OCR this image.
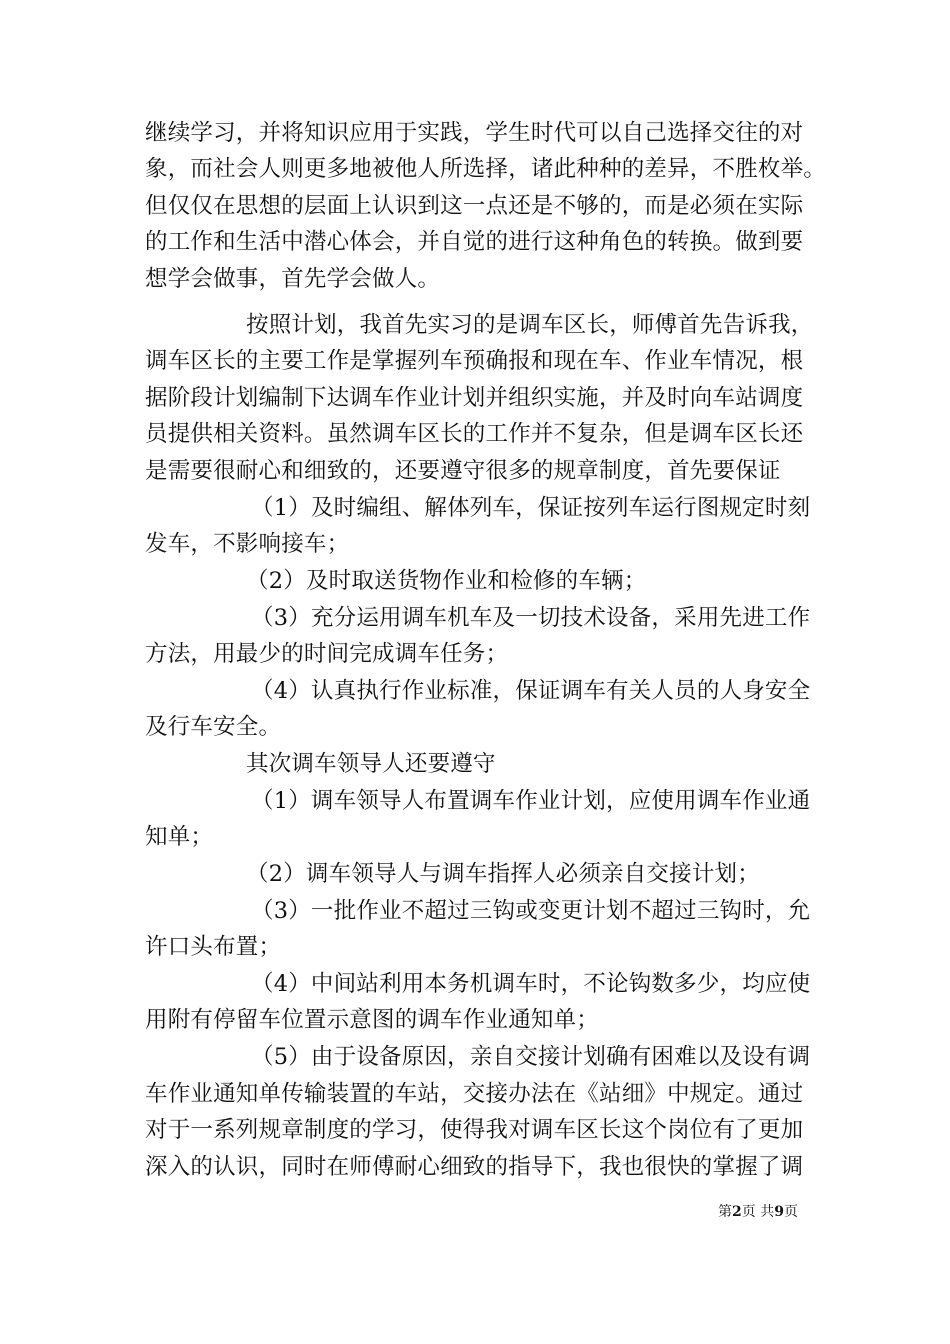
继续学习，并将知识应用于实践，学生时代可以自己选择交往的对
象，而社会人则更多地被他人所选择，诸此种种的差异，不胜枚举。
但仅仅在思想的层面上认识到这一点还是不够的，而是必须在实际
的工作和生活中潜心体会，并自觉的进行这种角色的转换。做到要
想学会做事，首先学会做人。
按照计划，我首先实习的是调车区长，师傅首先告诉我，
调车区长的主要工作是掌握列车预确报和现在车、作业车情况，根
据阶段计划编制下达调车作业计划并组织实施，并及时向车站调度
员提供相关资料。虽然调车区长的工作并不复杂，但是调车区长还
是需要很耐心和细致的，还要遵守很多的规章制度，首先要保证
（1）及时编组、解体列车，保证按列车运行图规定时刻
发车，不影响接车；
（2）及时取送货物作业和检修的车辆；
（3）充分运用调车机车及一切技术设备，采用先进工作
方法，用最少的时间完成调车任务；
（4）认真执行作业标准，保证调车有关人员的人身安全
及行车安全。
其次调车领导人还要遵守
（1）调车领导人布置调车作业计划，应使用调车作业通
知单；
（2）调车领导人与调车指挥人必须亲自交接计划；
（3）一批作业不超过三钩或变更计划不超过三钩时，允
许口头布置；
（4）中间站利用本务机调车时，不论钩数多少，均应使
用附有停留车位置示意图的调车作业通知单；
（5）由于设备原因，亲自交接计划确有困难以及设有调
车作业通知单传输装置的车站，交接办法在《站细》中规定。通过
对于一系列规章制度的学习，使得我对调车区长这个岗位有了更加
深入的认识，同时在师傅耐心细致的指导下，我也很快的掌握了调
第2页 共9页
